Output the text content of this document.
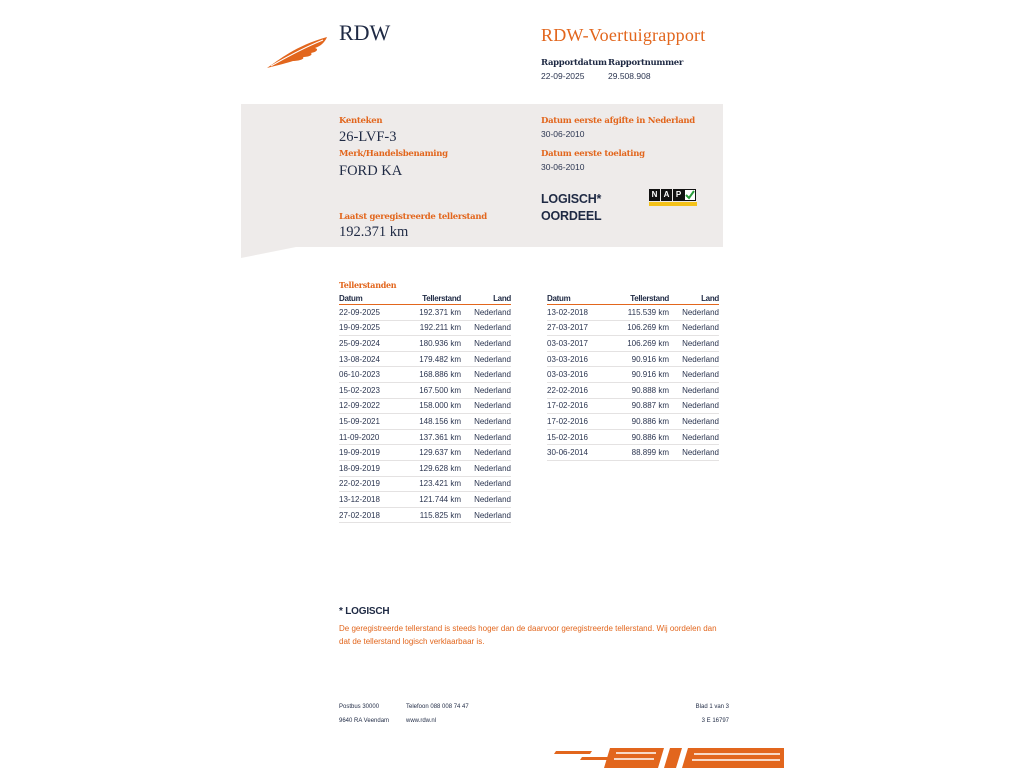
RDW	RDW-Voertuigrapport
Rapportdatum
22-09-2025
Rapportnummer
29.508.908
Kenteken
26-LVF-3
Merk/Handelsbenaming
FORD KA
Laatst geregistreerde tellerstand
192.371 km
Datum eerste afgifte in Nederland
30-06-2010
Datum eerste toelating
30-06-2010
LOGISCH*
OORDEEL
N A P
Tellerstanden
Datum	Tellerstand	Land
22-09-2025	192.371 km	Nederland
19-09-2025	192.211 km	Nederland
25-09-2024	180.936 km	Nederland
13-08-2024	179.482 km	Nederland
06-10-2023	168.886 km	Nederland
15-02-2023	167.500 km	Nederland
12-09-2022	158.000 km	Nederland
15-09-2021	148.156 km	Nederland
11-09-2020	137.361 km	Nederland
19-09-2019	129.637 km	Nederland
18-09-2019	129.628 km	Nederland
22-02-2019	123.421 km	Nederland
13-12-2018	121.744 km	Nederland
27-02-2018	115.825 km	Nederland
Datum	Tellerstand	Land
13-02-2018	115.539 km	Nederland
27-03-2017	106.269 km	Nederland
03-03-2017	106.269 km	Nederland
03-03-2016	90.916 km	Nederland
03-03-2016	90.916 km	Nederland
22-02-2016	90.888 km	Nederland
17-02-2016	90.887 km	Nederland
17-02-2016	90.886 km	Nederland
15-02-2016	90.886 km	Nederland
30-06-2014	88.899 km	Nederland
* LOGISCH
De geregistreerde tellerstand is steeds hoger dan de daarvoor geregistreerde tellerstand. Wij oordelen dan dat de tellerstand logisch verklaarbaar is.
Postbus 30000
9640 RA Veendam
Telefoon 088 008 74 47
www.rdw.nl
Blad 1 van 3
3 E 16797
